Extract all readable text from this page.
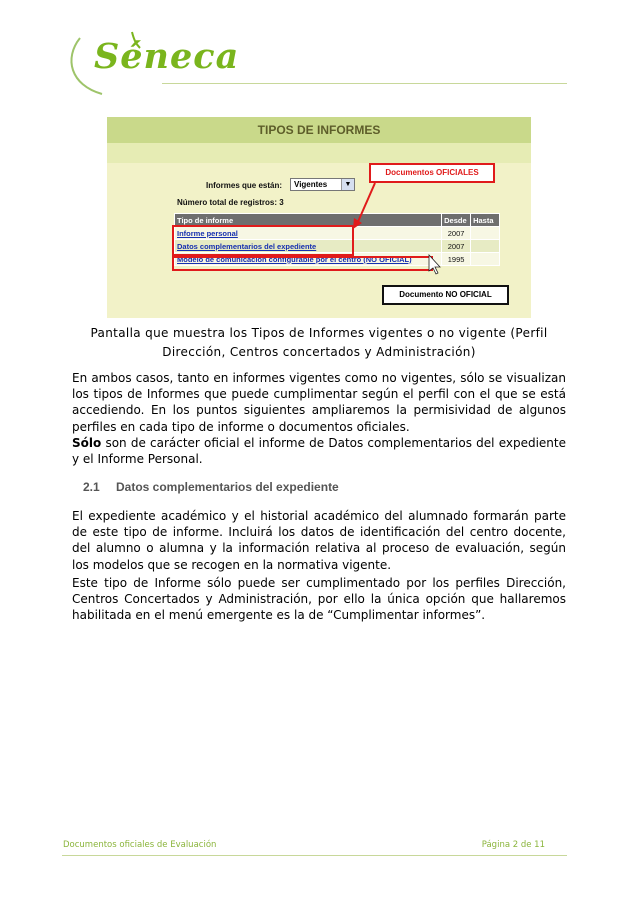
Séneca
TIPOS DE INFORMES
Informes que están:	Vigentes	▼
Número total de registros: 3
Tipo de informe	Desde	Hasta
Informe personal	2007	
Datos complementarios del expediente	2007	
Modelo de comunicación configurable por el centro (NO OFICIAL)	1995	
Documentos OFICIALES
Documento NO OFICIAL
Pantalla que muestra los Tipos de Informes vigentes o no vigente (Perfil Dirección, Centros concertados y Administración)
En ambos casos, tanto en informes vigentes como no vigentes, sólo se visualizan los tipos de Informes que puede cumplimentar según el perfil con el que se está accediendo. En los puntos siguientes ampliaremos la permisividad de algunos perfiles en cada tipo de informe o documentos oficiales.
Sólo son de carácter oficial el informe de Datos complementarios del expediente y el Informe Personal.
2.1 Datos complementarios del expediente
El expediente académico y el historial académico del alumnado formarán parte de este tipo de informe. Incluirá los datos de identificación del centro docente, del alumno o alumna y la información relativa al proceso de evaluación, según los modelos que se recogen en la normativa vigente.
Este tipo de Informe sólo puede ser cumplimentado por los perfiles Dirección, Centros Concertados y Administración, por ello la única opción que hallaremos habilitada en el menú emergente es la de “Cumplimentar informes”.
Documentos oficiales de Evaluación	Página 2 de 11
